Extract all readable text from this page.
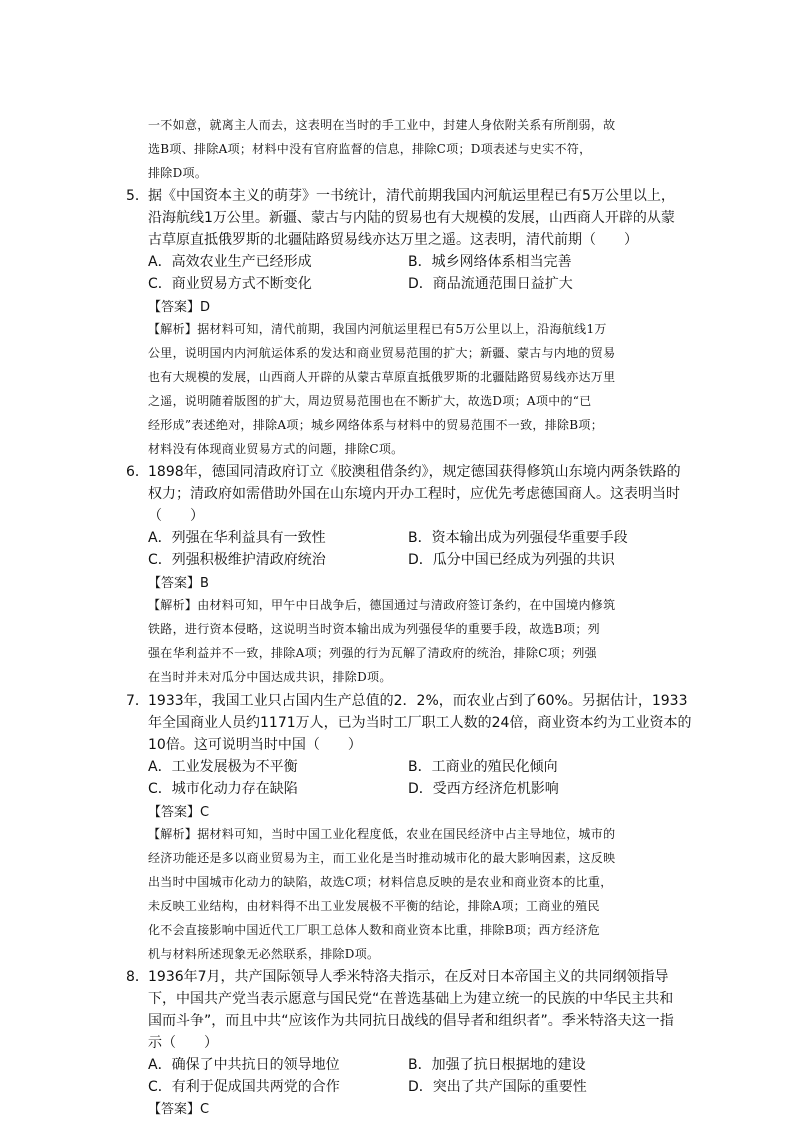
一不如意，就离主人而去，这表明在当时的手工业中，封建人身依附关系有所削弱，故
选B项、排除A项；材料中没有官府监督的信息，排除C项；D项表述与史实不符，
排除D项。
5． 据《中国资本主义的萌芽》一书统计，清代前期我国内河航运里程已有5万公里以上，
沿海航线1万公里。新疆、蒙古与内陆的贸易也有大规模的发展，山西商人开辟的从蒙
古草原直抵俄罗斯的北疆陆路贸易线亦达万里之遥。这表明，清代前期（　　）
A．高效农业生产已经形成	B．城乡网络体系相当完善
C．商业贸易方式不断变化	D．商品流通范围日益扩大
【答案】D
【解析】据材料可知，清代前期，我国内河航运里程已有5万公里以上，沿海航线1万
公里，说明国内内河航运体系的发达和商业贸易范围的扩大；新疆、蒙古与内地的贸易
也有大规模的发展，山西商人开辟的从蒙古草原直抵俄罗斯的北疆陆路贸易线亦达万里
之遥，说明随着版图的扩大，周边贸易范围也在不断扩大，故选D项；A项中的“已
经形成”表述绝对，排除A项；城乡网络体系与材料中的贸易范围不一致，排除B项；
材料没有体现商业贸易方式的问题，排除C项。
6． 1898年，德国同清政府订立《胶澳租借条约》，规定德国获得修筑山东境内两条铁路的
权力；清政府如需借助外国在山东境内开办工程时，应优先考虑德国商人。这表明当时
（　　）
A．列强在华利益具有一致性	B．资本输出成为列强侵华重要手段
C．列强积极维护清政府统治	D．瓜分中国已经成为列强的共识
【答案】B
【解析】由材料可知，甲午中日战争后，德国通过与清政府签订条约，在中国境内修筑
铁路，进行资本侵略，这说明当时资本输出成为列强侵华的重要手段，故选B项；列
强在华利益并不一致，排除A项；列强的行为瓦解了清政府的统治，排除C项；列强
在当时并未对瓜分中国达成共识，排除D项。
7． 1933年，我国工业只占国内生产总值的2．2%，而农业占到了60%。另据估计，1933
年全国商业人员约1171万人，已为当时工厂职工人数的24倍，商业资本约为工业资本的
10倍。这可说明当时中国（　　）
A．工业发展极为不平衡	B．工商业的殖民化倾向
C．城市化动力存在缺陷	D．受西方经济危机影响
【答案】C
【解析】据材料可知，当时中国工业化程度低，农业在国民经济中占主导地位，城市的
经济功能还是多以商业贸易为主，而工业化是当时推动城市化的最大影响因素，这反映
出当时中国城市化动力的缺陷，故选C项；材料信息反映的是农业和商业资本的比重，
未反映工业结构，由材料得不出工业发展极不平衡的结论，排除A项；工商业的殖民
化不会直接影响中国近代工厂职工总体人数和商业资本比重，排除B项；西方经济危
机与材料所述现象无必然联系，排除D项。
8． 1936年7月，共产国际领导人季米特洛夫指示，在反对日本帝国主义的共同纲领指导
下，中国共产党当表示愿意与国民党“在普选基础上为建立统一的民族的中华民主共和
国而斗争”，而且中共“应该作为共同抗日战线的倡导者和组织者”。季米特洛夫这一指
示（　　）
A．确保了中共抗日的领导地位	B．加强了抗日根据地的建设
C．有利于促成国共两党的合作	D．突出了共产国际的重要性
【答案】C
